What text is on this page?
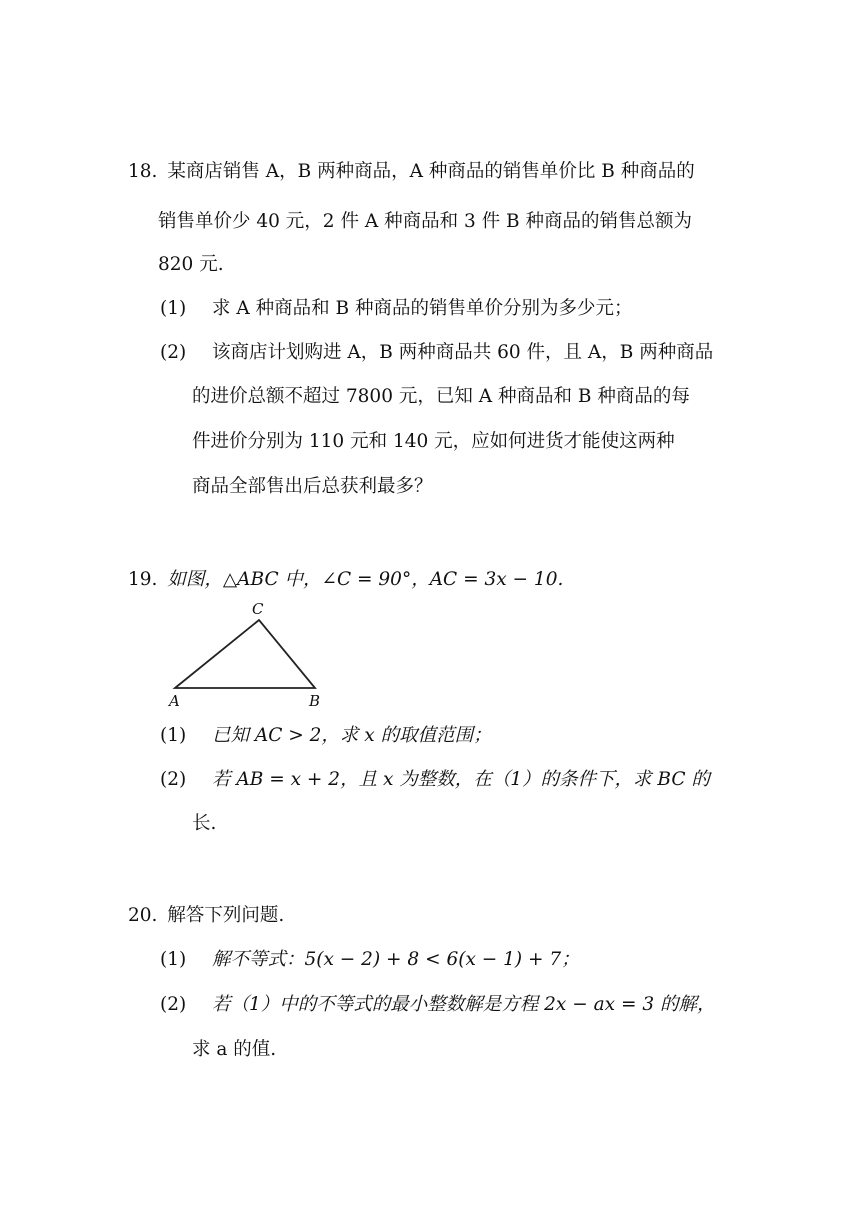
18. 某商店销售 A，B 两种商品，A 种商品的销售单价比 B 种商品的
销售单价少 40 元，2 件 A 种商品和 3 件 B 种商品的销售总额为
820 元.
(1) 求 A 种商品和 B 种商品的销售单价分别为多少元；
(2) 该商店计划购进 A，B 两种商品共 60 件，且 A，B 两种商品
的进价总额不超过 7800 元，已知 A 种商品和 B 种商品的每
件进价分别为 110 元和 140 元，应如何进货才能使这两种
商品全部售出后总获利最多？
19. 如图，△ABC 中，∠C = 90°，AC = 3x − 10.
A	B
C
(1) 已知 AC > 2，求 x 的取值范围；
(2) 若 AB = x + 2，且 x 为整数，在（1）的条件下，求 BC 的
长.
20. 解答下列问题.
(1) 解不等式：5(x − 2) + 8 < 6(x − 1) + 7；
(2) 若（1）中的不等式的最小整数解是方程 2x − ax = 3 的解，
求 a 的值.
